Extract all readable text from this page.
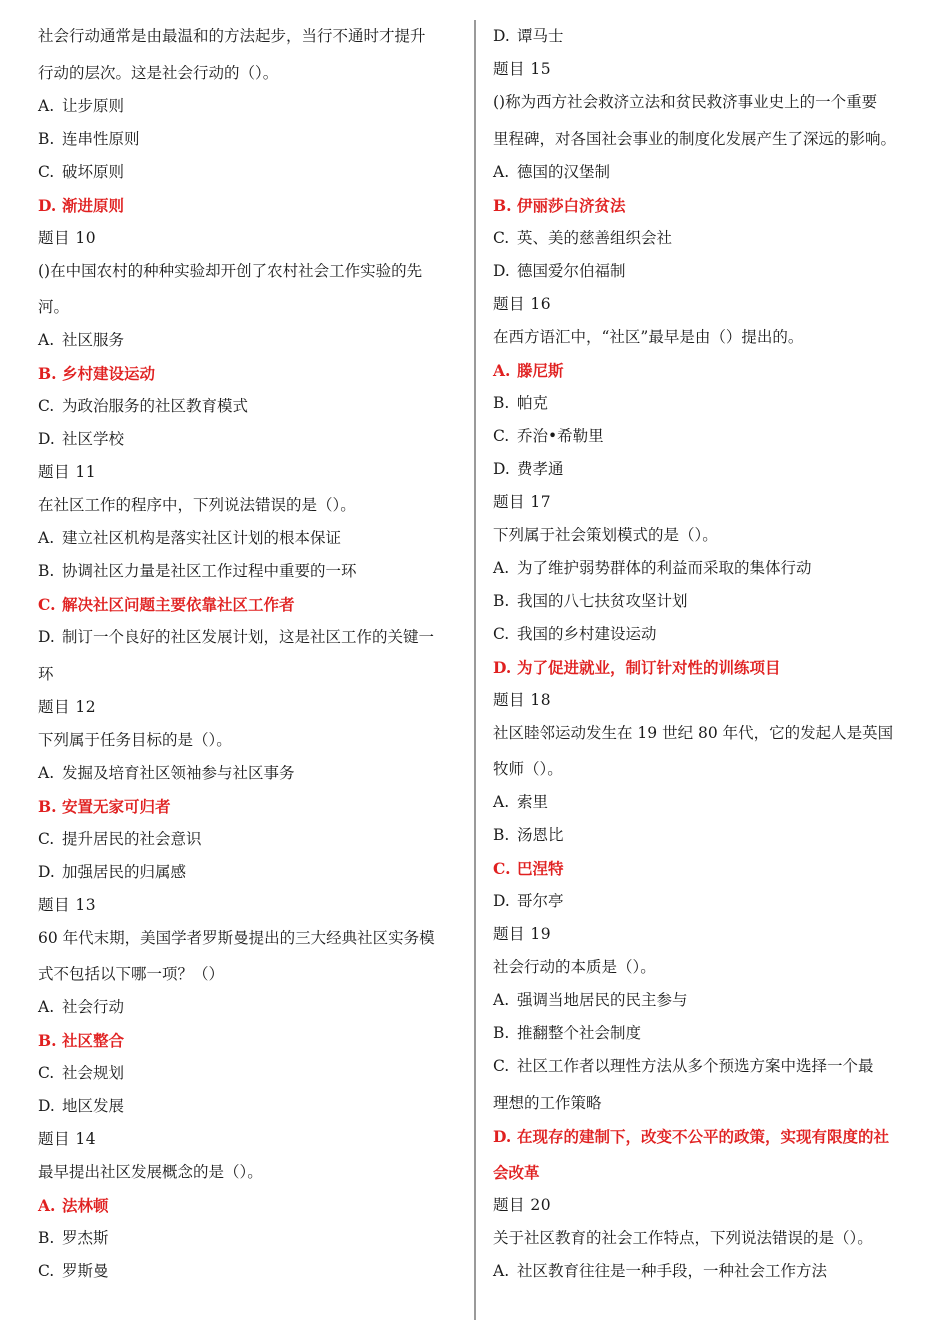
社会行动通常是由最温和的方法起步，当行不通时才提升
行动的层次。这是社会行动的（）。
A. 让步原则
B. 连串性原则
C. 破坏原则
D. 渐进原则
题目 10
()在中国农村的种种实验却开创了农村社会工作实验的先
河。
A. 社区服务
B. 乡村建设运动
C. 为政治服务的社区教育模式
D. 社区学校
题目 11
在社区工作的程序中，下列说法错误的是（）。
A. 建立社区机构是落实社区计划的根本保证
B. 协调社区力量是社区工作过程中重要的一环
C. 解决社区问题主要依靠社区工作者
D. 制订一个良好的社区发展计划，这是社区工作的关键一
环
题目 12
下列属于任务目标的是（）。
A. 发掘及培育社区领袖参与社区事务
B. 安置无家可归者
C. 提升居民的社会意识
D. 加强居民的归属感
题目 13
60 年代末期，美国学者罗斯曼提出的三大经典社区实务模
式不包括以下哪一项？（）
A. 社会行动
B. 社区整合
C. 社会规划
D. 地区发展
题目 14
最早提出社区发展概念的是（）。
A. 法林顿
B. 罗杰斯
C. 罗斯曼
D. 谭马士
题目 15
()称为西方社会救济立法和贫民救济事业史上的一个重要
里程碑，对各国社会事业的制度化发展产生了深远的影响。
A. 德国的汉堡制
B. 伊丽莎白济贫法
C. 英、美的慈善组织会社
D. 德国爱尔伯福制
题目 16
在西方语汇中，“社区”最早是由（）提出的。
A. 滕尼斯
B. 帕克
C. 乔治•希勒里
D. 费孝通
题目 17
下列属于社会策划模式的是（）。
A. 为了维护弱势群体的利益而采取的集体行动
B. 我国的八七扶贫攻坚计划
C. 我国的乡村建设运动
D. 为了促进就业，制订针对性的训练项目
题目 18
社区睦邻运动发生在 19 世纪 80 年代，它的发起人是英国
牧师（）。
A. 索里
B. 汤恩比
C. 巴涅特
D. 哥尔亭
题目 19
社会行动的本质是（）。
A. 强调当地居民的民主参与
B. 推翻整个社会制度
C. 社区工作者以理性方法从多个预选方案中选择一个最
理想的工作策略
D. 在现存的建制下，改变不公平的政策，实现有限度的社
会改革
题目 20
关于社区教育的社会工作特点，下列说法错误的是（）。
A. 社区教育往往是一种手段，一种社会工作方法
